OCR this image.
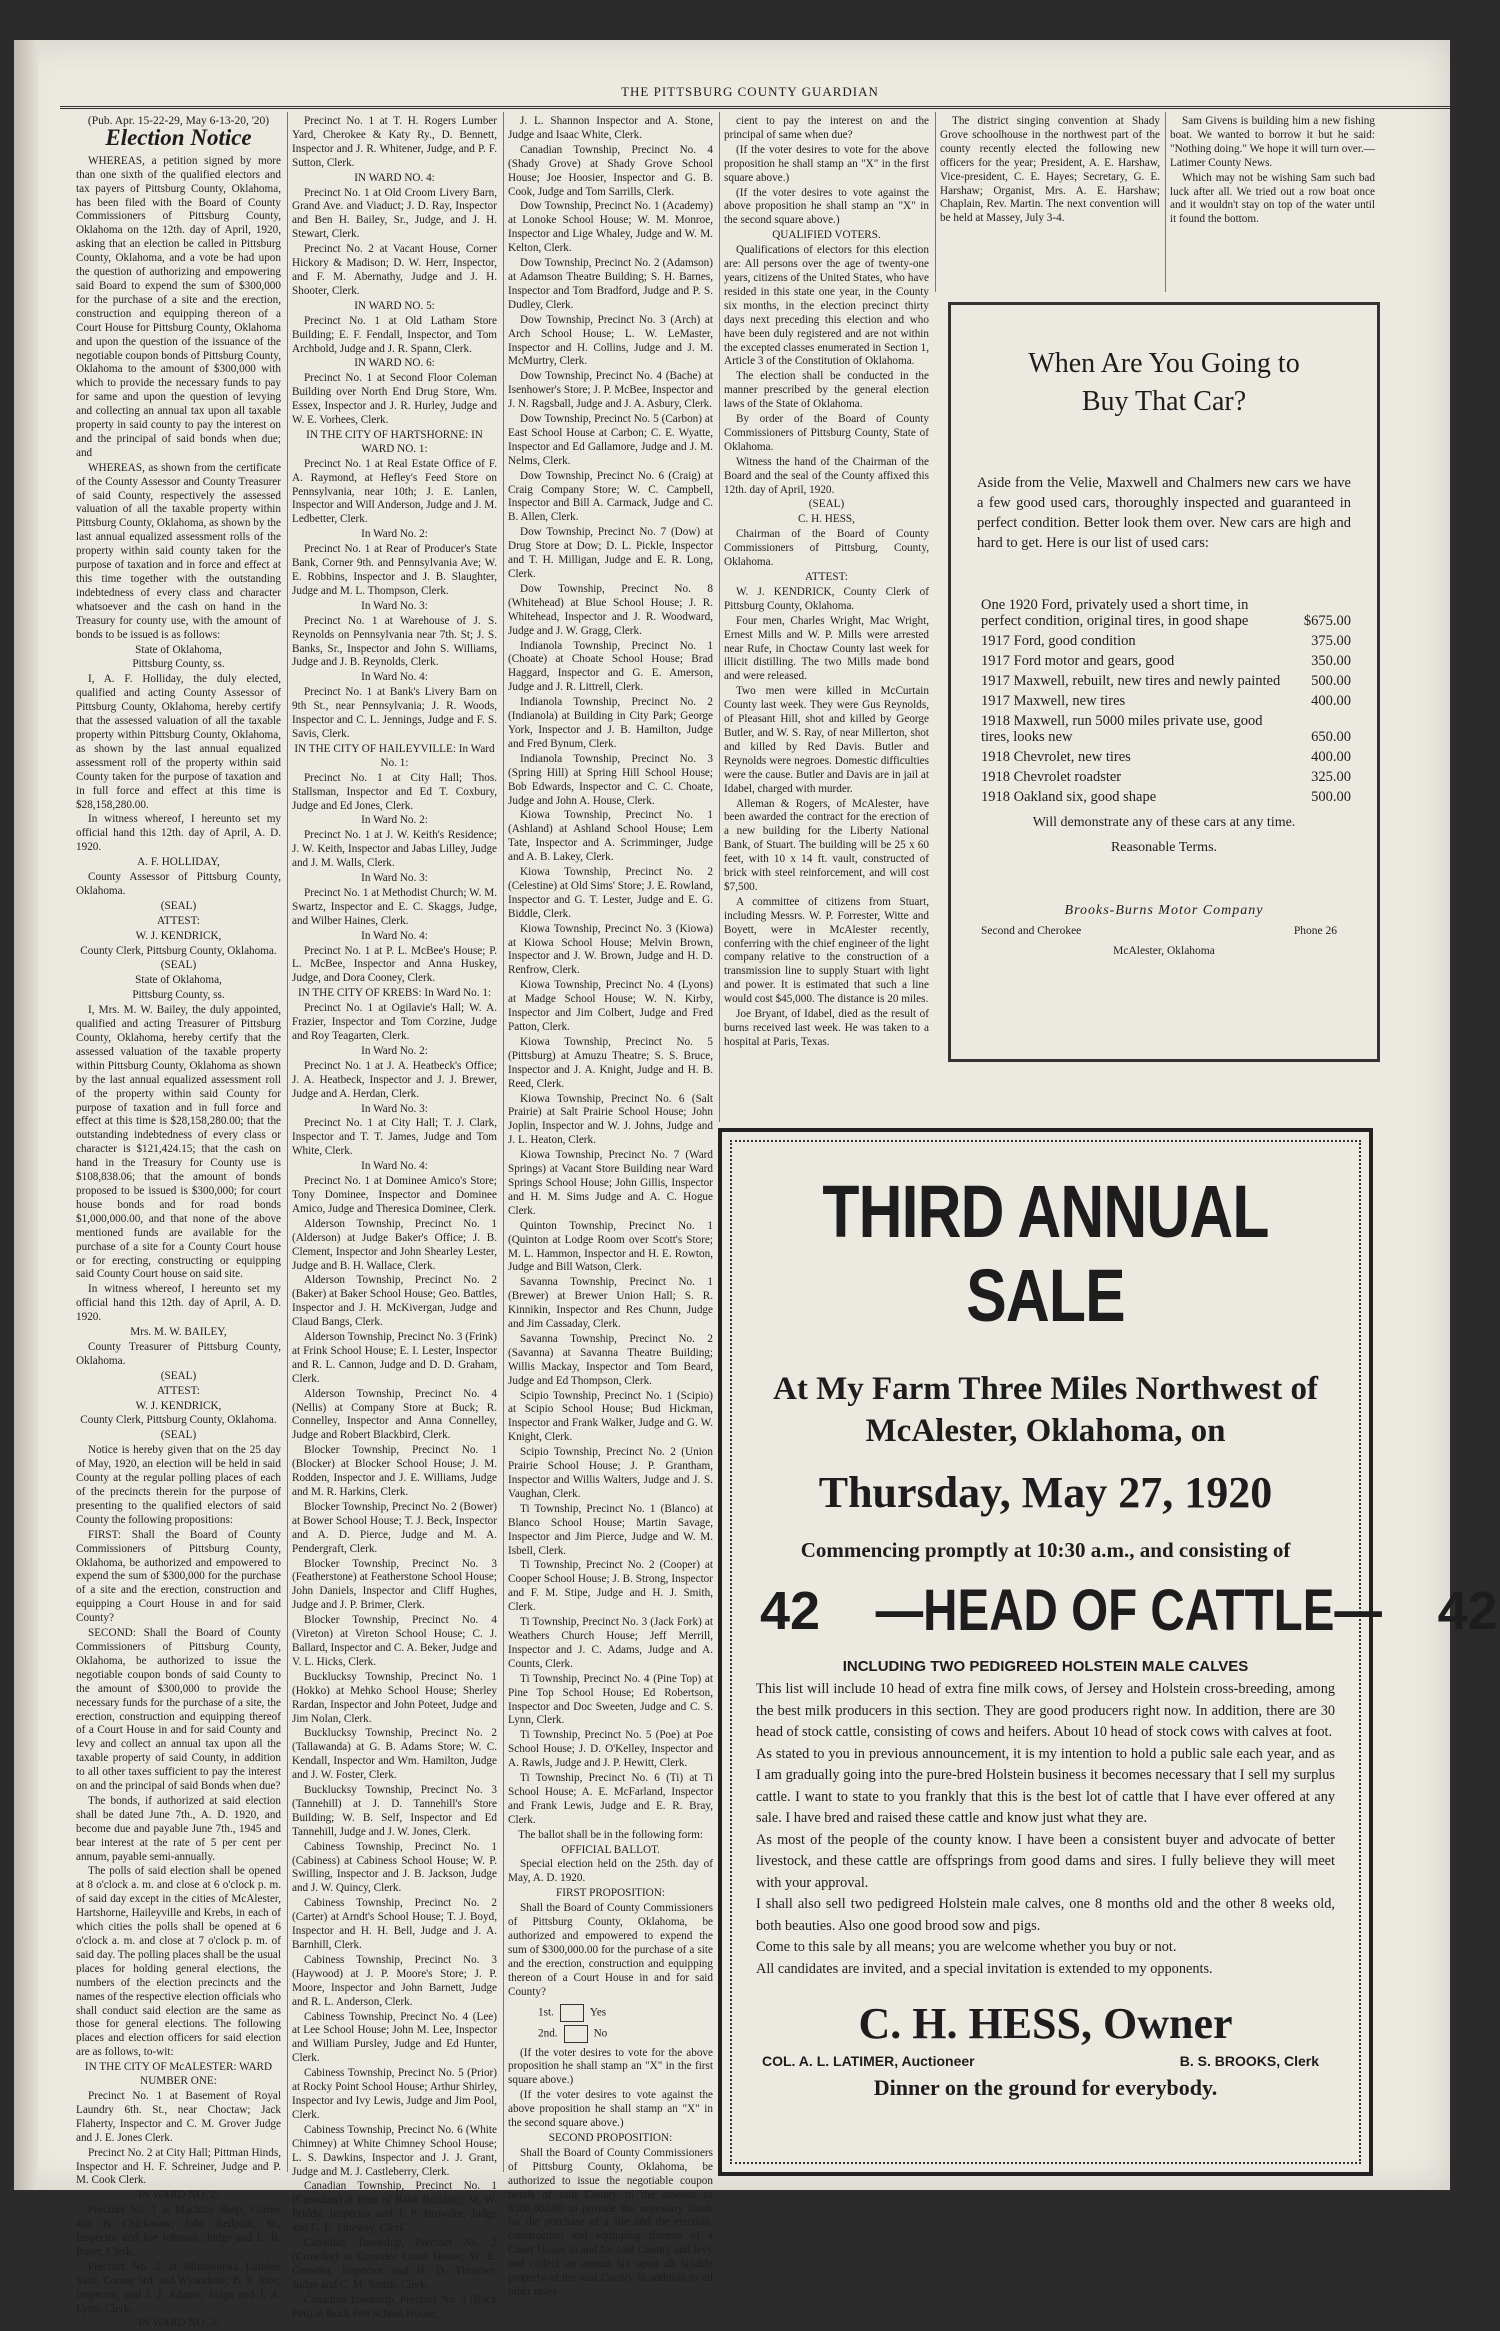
THE PITTSBURG COUNTY GUARDIAN
(Pub. Apr. 15-22-29, May 6-13-20, '20)
Election Notice

WHEREAS, a petition signed by more than one sixth of the qualified electors and tax payers of Pittsburg County, Oklahoma, has been filed with the Board of County Commissioners of Pittsburg County, Oklahoma on the 12th. day of April, 1920, asking that an election be called in Pittsburg County, Oklahoma, and a vote be had upon the question of authorizing and empowering said Board to expend the sum of $300,000 for the purchase of a site and the erection, construction and equipping thereon of a Court House for Pittsburg County, Oklahoma and upon the question of the issuance of the negotiable coupon bonds of Pittsburg County, Oklahoma to the amount of $300,000 with which to provide the necessary funds to pay for same and upon the question of levying and collecting an annual tax upon all taxable property in said county to pay the interest on and the principal of said bonds when due; and

WHEREAS, as shown from the certificate of the County Assessor and County Treasurer of said County, respectively the assessed valuation of all the taxable property within Pittsburg County, Oklahoma, as shown by the last annual equalized assessment rolls of the property within said county taken for the purpose of taxation and in force and effect at this time together with the outstanding indebtedness of every class and character whatsoever and the cash on hand in the Treasury for county use, with the amount of bonds to be issued is as follows:

State of Oklahoma,

Pittsburg County, ss.

I, A. F. Holliday, the duly elected, qualified and acting County Assessor of Pittsburg County, Oklahoma, hereby certify that the assessed valuation of all the taxable property within Pittsburg County, Oklahoma, as shown by the last annual equalized assessment roll of the property within said County taken for the purpose of taxation and in full force and effect at this time is $28,158,280.00.

In witness whereof, I hereunto set my official hand this 12th. day of April, A. D. 1920.

A. F. HOLLIDAY,

County Assessor of Pittsburg County, Oklahoma.

(SEAL)

ATTEST:

W. J. KENDRICK,

County Clerk, Pittsburg County, Oklahoma.

(SEAL)

State of Oklahoma,

Pittsburg County, ss.

I, Mrs. M. W. Bailey, the duly appointed, qualified and acting Treasurer of Pittsburg County, Oklahoma, hereby certify that the assessed valuation of the taxable property within Pittsburg County, Oklahoma as shown by the last annual equalized assessment roll of the property within said County for purpose of taxation and in full force and effect at this time is $28,158,280.00; that the outstanding indebtedness of every class or character is $121,424.15; that the cash on hand in the Treasury for County use is $108,838.06; that the amount of bonds proposed to be issued is $300,000; for court house bonds and for road bonds $1,000,000.00, and that none of the above mentioned funds are available for the purchase of a site for a County Court house or for erecting, constructing or equipping said County Court house on said site.

In witness whereof, I hereunto set my official hand this 12th. day of April, A. D. 1920.

Mrs. M. W. BAILEY,

County Treasurer of Pittsburg County, Oklahoma.

(SEAL)

ATTEST:

W. J. KENDRICK,

County Clerk, Pittsburg County, Oklahoma.

(SEAL)

Notice is hereby given that on the 25 day of May, 1920, an election will be held in said County at the regular polling places of each of the precincts therein for the purpose of presenting to the qualified electors of said County the following propositions:

FIRST: Shall the Board of County Commissioners of Pittsburg County, Oklahoma, be authorized and empowered to expend the sum of $300,000 for the purchase of a site and the erection, construction and equipping a Court House in and for said County?

SECOND: Shall the Board of County Commissioners of Pittsburg County, Oklahoma, be authorized to issue the negotiable coupon bonds of said County to the amount of $300,000 to provide the necessary funds for the purchase of a site, the erection, construction and equipping thereof of a Court House in and for said County and levy and collect an annual tax upon all the taxable property of said County, in addition to all other taxes sufficient to pay the interest on and the principal of said Bonds when due?

The bonds, if authorized at said election shall be dated June 7th., A. D. 1920, and become due and payable June 7th., 1945 and bear interest at the rate of 5 per cent per annum, payable semi-annually.

The polls of said election shall be opened at 8 o'clock a. m. and close at 6 o'clock p. m. of said day except in the cities of McAlester, Hartshorne, Haileyville and Krebs, in each of which cities the polls shall be opened at 6 o'clock a. m. and close at 7 o'clock p. m. of said day. The polling places shall be the usual places for holding general elections, the numbers of the election precincts and the names of the respective election officials who shall conduct said election are the same as those for general elections. The following places and election officers for said election are as follows, to-wit:

IN THE CITY OF McALESTER: WARD NUMBER ONE:

Precinct No. 1 at Basement of Royal Laundry 6th. St., near Choctaw; Jack Flaherty, Inspector and C. M. Grover Judge and J. E. Jones Clerk.

Precinct No. 2 at City Hall; Pittman Hinds, Inspector and H. F. Schreiner, Judge and P. M. Cook Clerk.

IN WARD NO. 2:

Precinct No. 1 at Machine Shop, Corner 4th. & Chickasaw; John Redpath, Sr., Inspector and Joe Johnson, Judge and L. R. Raser, Clerk.

Precinct No. 2 at Minnetonka Lumber Yard, Corner 3rd. and Wyandotte; B. F. Jobe, Inspector, and J. J. Adams, Judge and J. A. Lynn, Clerk.

IN WARD NO. 3:

Precinct No. 1 at T. H. Rogers Lumber Yard, Cherokee & Katy Ry., D. Bennett, Inspector and J. R. Whitener, Judge, and P. F. Sutton, Clerk.

IN WARD NO. 4:

Precinct No. 1 at Old Croom Livery Barn, Grand Ave. and Viaduct; J. D. Ray, Inspector and Ben H. Bailey, Sr., Judge, and J. H. Stewart, Clerk.

Precinct No. 2 at Vacant House, Corner Hickory & Madison; D. W. Herr, Inspector, and F. M. Abernathy, Judge and J. H. Shooter, Clerk.

IN WARD NO. 5:

Precinct No. 1 at Old Latham Store Building; E. F. Fendall, Inspector, and Tom Archbold, Judge and J. R. Spann, Clerk.

IN WARD NO. 6:

Precinct No. 1 at Second Floor Coleman Building over North End Drug Store, Wm. Essex, Inspector and J. R. Hurley, Judge and W. E. Vorhees, Clerk.

IN THE CITY OF HARTSHORNE: IN WARD NO. 1:

Precinct No. 1 at Real Estate Office of F. A. Raymond, at Hefley's Feed Store on Pennsylvania, near 10th; J. E. Lanlen, Inspector and Will Anderson, Judge and J. M. Ledbetter, Clerk.

In Ward No. 2:

Precinct No. 1 at Rear of Producer's State Bank, Corner 9th. and Pennsylvania Ave; W. E. Robbins, Inspector and J. B. Slaughter, Judge and M. L. Thompson, Clerk.

In Ward No. 3:

Precinct No. 1 at Warehouse of J. S. Reynolds on Pennsylvania near 7th. St; J. S. Banks, Sr., Inspector and John S. Williams, Judge and J. B. Reynolds, Clerk.

In Ward No. 4:

Precinct No. 1 at Bank's Livery Barn on 9th St., near Pennsylvania; J. R. Woods, Inspector and C. L. Jennings, Judge and F. S. Savis, Clerk.

IN THE CITY OF HAILEYVILLE: In Ward No. 1:

Precinct No. 1 at City Hall; Thos. Stallsman, Inspector and Ed T. Coxbury, Judge and Ed Jones, Clerk.

In Ward No. 2:

Precinct No. 1 at J. W. Keith's Residence; J. W. Keith, Inspector and Jabas Lilley, Judge and J. M. Walls, Clerk.

In Ward No. 3:

Precinct No. 1 at Methodist Church; W. M. Swartz, Inspector and E. C. Skaggs, Judge, and Wilber Haines, Clerk.

In Ward No. 4:

Precinct No. 1 at P. L. McBee's House; P. L. McBee, Inspector and Anna Huskey, Judge, and Dora Cooney, Clerk.

IN THE CITY OF KREBS: In Ward No. 1:

Precinct No. 1 at Ogilavie's Hall; W. A. Frazier, Inspector and Tom Corzine, Judge and Roy Teagarten, Clerk.

In Ward No. 2:

Precinct No. 1 at J. A. Heatbeck's Office; J. A. Heatbeck, Inspector and J. J. Brewer, Judge and A. Herdan, Clerk.

In Ward No. 3:

Precinct No. 1 at City Hall; T. J. Clark, Inspector and T. T. James, Judge and Tom White, Clerk.

In Ward No. 4:

Precinct No. 1 at Dominee Amico's Store; Tony Dominee, Inspector and Dominee Amico, Judge and Theresica Dominee, Clerk.

Alderson Township, Precinct No. 1 (Alderson) at Judge Baker's Office; J. B. Clement, Inspector and John Shearley Lester, Judge and B. H. Wallace, Clerk.

Alderson Township, Precinct No. 2 (Baker) at Baker School House; Geo. Battles, Inspector and J. H. McKivergan, Judge and Claud Bangs, Clerk.

Alderson Township, Precinct No. 3 (Frink) at Frink School House; E. I. Lester, Inspector and R. L. Cannon, Judge and D. D. Graham, Clerk.

Alderson Township, Precinct No. 4 (Nellis) at Company Store at Buck; R. Connelley, Inspector and Anna Connelley, Judge and Robert Blackbird, Clerk.

Blocker Township, Precinct No. 1 (Blocker) at Blocker School House; J. M. Rodden, Inspector and J. E. Williams, Judge and M. R. Harkins, Clerk.

Blocker Township, Precinct No. 2 (Bower) at Bower School House; T. J. Beck, Inspector and A. D. Pierce, Judge and M. A. Pendergraft, Clerk.

Blocker Township, Precinct No. 3 (Featherstone) at Featherstone School House; John Daniels, Inspector and Cliff Hughes, Judge and J. P. Brimer, Clerk.

Blocker Township, Precinct No. 4 (Vireton) at Vireton School House; C. J. Ballard, Inspector and C. A. Beker, Judge and V. L. Hicks, Clerk.

Bucklucksy Township, Precinct No. 1 (Hokko) at Mehko School House; Sherley Rardan, Inspector and John Poteet, Judge and Jim Nolan, Clerk.

Bucklucksy Township, Precinct No. 2 (Tallawanda) at G. B. Adams Store; W. C. Kendall, Inspector and Wm. Hamilton, Judge and J. W. Foster, Clerk.

Bucklucksy Township, Precinct No. 3 (Tannehill) at J. D. Tannehill's Store Building; W. B. Self, Inspector and Ed Tannehill, Judge and J. W. Jones, Clerk.

Cabiness Township, Precinct No. 1 (Cabiness) at Cabiness School House; W. P. Swilling, Inspector and J. B. Jackson, Judge and J. W. Quincy, Clerk.

Cabiness Township, Precinct No. 2 (Carter) at Arndt's School House; T. J. Boyd, Inspector and H. H. Bell, Judge and J. A. Barnhill, Clerk.

Cabiness Township, Precinct No. 3 (Haywood) at J. P. Moore's Store; J. P. Moore, Inspector and John Barnett, Judge and R. L. Anderson, Clerk.

Cabiness Township, Precinct No. 4 (Lee) at Lee School House; John M. Lee, Inspector and William Pursley, Judge and Ed Hunter, Clerk.

Cabiness Township, Precinct No. 5 (Prior) at Rocky Point School House; Arthur Shirley, Inspector and Ivy Lewis, Judge and Jim Pool, Clerk.

Cabiness Township, Precinct No. 6 (White Chimney) at White Chimney School House; L. S. Dawkins, Inspector and J. J. Grant, Judge and M. J. Castleberry, Clerk.

Canadian Township, Precinct No. 1 (Canadian) at Rear of Bank Building; M. W. Priddy, Inspector and J. P. Browder, Judge and C. E. Janeway, Clerk.

Canadian Township, Precinct No. 2 (Crowder) at Crowder Court House; W. E. Crowder, Inspector and H. D. Thrasher, Judge and C. M. Smith, Clerk.

Canadian Township, Precinct No. 3 (Rock Pen) at Rock Pen School House;

J. L. Shannon Inspector and A. Stone, Judge and Isaac White, Clerk.

Canadian Township, Precinct No. 4 (Shady Grove) at Shady Grove School House; Joe Hoosier, Inspector and G. B. Cook, Judge and Tom Sarrills, Clerk.

Dow Township, Precinct No. 1 (Academy) at Lonoke School House; W. M. Monroe, Inspector and Lige Whaley, Judge and W. M. Kelton, Clerk.

Dow Township, Precinct No. 2 (Adamson) at Adamson Theatre Building; S. H. Barnes, Inspector and Tom Bradford, Judge and P. S. Dudley, Clerk.

Dow Township, Precinct No. 3 (Arch) at Arch School House; L. W. LeMaster, Inspector and H. Collins, Judge and J. M. McMurtry, Clerk.

Dow Township, Precinct No. 4 (Bache) at Isenhower's Store; J. P. McBee, Inspector and J. N. Ragsball, Judge and J. A. Asbury, Clerk.

Dow Township, Precinct No. 5 (Carbon) at East School House at Carbon; C. E. Wyatte, Inspector and Ed Gallamore, Judge and J. M. Nelms, Clerk.

Dow Township, Precinct No. 6 (Craig) at Craig Company Store; W. C. Campbell, Inspector and Bill A. Carmack, Judge and C. B. Allen, Clerk.

Dow Township, Precinct No. 7 (Dow) at Drug Store at Dow; D. L. Pickle, Inspector and T. H. Milligan, Judge and E. R. Long, Clerk.

Dow Township, Precinct No. 8 (Whitehead) at Blue School House; J. R. Whitehead, Inspector and J. R. Woodward, Judge and J. W. Gragg, Clerk.

Indianola Township, Precinct No. 1 (Choate) at Choate School House; Brad Haggard, Inspector and G. E. Amerson, Judge and J. R. Littrell, Clerk.

Indianola Township, Precinct No. 2 (Indianola) at Building in City Park; George York, Inspector and J. B. Hamilton, Judge and Fred Bynum, Clerk.

Indianola Township, Precinct No. 3 (Spring Hill) at Spring Hill School House; Bob Edwards, Inspector and C. C. Choate, Judge and John A. House, Clerk.

Kiowa Township, Precinct No. 1 (Ashland) at Ashland School House; Lem Tate, Inspector and A. Scrimminger, Judge and A. B. Lakey, Clerk.

Kiowa Township, Precinct No. 2 (Celestine) at Old Sims' Store; J. E. Rowland, Inspector and G. T. Lester, Judge and E. G. Biddle, Clerk.

Kiowa Township, Precinct No. 3 (Kiowa) at Kiowa School House; Melvin Brown, Inspector and J. W. Brown, Judge and H. D. Renfrow, Clerk.

Kiowa Township, Precinct No. 4 (Lyons) at Madge School House; W. N. Kirby, Inspector and Jim Colbert, Judge and Fred Patton, Clerk.

Kiowa Township, Precinct No. 5 (Pittsburg) at Amuzu Theatre; S. S. Bruce, Inspector and J. A. Knight, Judge and H. B. Reed, Clerk.

Kiowa Township, Precinct No. 6 (Salt Prairie) at Salt Prairie School House; John Joplin, Inspector and W. J. Johns, Judge and J. L. Heaton, Clerk.

Kiowa Township, Precinct No. 7 (Ward Springs) at Vacant Store Building near Ward Springs School House; John Gillis, Inspector and H. M. Sims Judge and A. C. Hogue Clerk.

Quinton Township, Precinct No. 1 (Quinton at Lodge Room over Scott's Store; M. L. Hammon, Inspector and H. E. Rowton, Judge and Bill Watson, Clerk.

Savanna Township, Precinct No. 1 (Brewer) at Brewer Union Hall; S. R. Kinnikin, Inspector and Res Chunn, Judge and Jim Cassaday, Clerk.

Savanna Township, Precinct No. 2 (Savanna) at Savanna Theatre Building; Willis Mackay, Inspector and Tom Beard, Judge and Ed Thompson, Clerk.

Scipio Township, Precinct No. 1 (Scipio) at Scipio School House; Bud Hickman, Inspector and Frank Walker, Judge and G. W. Knight, Clerk.

Scipio Township, Precinct No. 2 (Union Prairie School House; J. P. Grantham, Inspector and Willis Walters, Judge and J. S. Vaughan, Clerk.

Ti Township, Precinct No. 1 (Blanco) at Blanco School House; Martin Savage, Inspector and Jim Pierce, Judge and W. M. Isbell, Clerk.

Ti Township, Precinct No. 2 (Cooper) at Cooper School House; J. B. Strong, Inspector and F. M. Stipe, Judge and H. J. Smith, Clerk.

Ti Township, Precinct No. 3 (Jack Fork) at Weathers Church House; Jeff Merrill, Inspector and J. C. Adams, Judge and A. Counts, Clerk.

Ti Township, Precinct No. 4 (Pine Top) at Pine Top School House; Ed Robertson, Inspector and Doc Sweeten, Judge and C. S. Lynn, Clerk.

Ti Township, Precinct No. 5 (Poe) at Poe School House; J. D. O'Kelley, Inspector and A. Rawls, Judge and J. P. Hewitt, Clerk.

Ti Township, Precinct No. 6 (Ti) at Ti School House; A. E. McFarland, Inspector and Frank Lewis, Judge and E. R. Bray, Clerk.

The ballot shall be in the following form:

OFFICIAL BALLOT.

Special election held on the 25th. day of May, A. D. 1920.

FIRST PROPOSITION:

Shall the Board of County Commissioners of Pittsburg County, Oklahoma, be authorized and empowered to expend the sum of $300,000.00 for the purchase of a site and the erection, construction and equipping thereon of a Court House in and for said County?

1st.	Yes
2nd.	No

(If the voter desires to vote for the above proposition he shall stamp an "X" in the first square above.)

(If the voter desires to vote against the above proposition he shall stamp an "X" in the second square above.)

SECOND PROPOSITION:

Shall the Board of County Commissioners of Pittsburg County, Oklahoma, be authorized to issue the negotiable coupon bonds of said County to the amount of $300,000.00 to provide the necessary funds for the purchase of a site and the erection, construction and equipping thereon of a Court House in and for said County and levy and collect an annual tax upon all taxable property of the said County in addition to all other taxes

cient to pay the interest on and the principal of same when due?

(If the voter desires to vote for the above proposition he shall stamp an "X" in the first square above.)

(If the voter desires to vote against the above proposition he shall stamp an "X" in the second square above.)

QUALIFIED VOTERS.

Qualifications of electors for this election are: All persons over the age of twenty-one years, citizens of the United States, who have resided in this state one year, in the County six months, in the election precinct thirty days next preceding this election and who have been duly registered and are not within the excepted classes enumerated in Section 1, Article 3 of the Constitution of Oklahoma.

The election shall be conducted in the manner prescribed by the general election laws of the State of Oklahoma.

By order of the Board of County Commissioners of Pittsburg County, State of Oklahoma.

Witness the hand of the Chairman of the Board and the seal of the County affixed this 12th. day of April, 1920.

(SEAL)

C. H. HESS,

Chairman of the Board of County Commissioners of Pittsburg, County, Oklahoma.

ATTEST:

W. J. KENDRICK, County Clerk of Pittsburg County, Oklahoma.

Four men, Charles Wright, Mac Wright, Ernest Mills and W. P. Mills were arrested near Rufe, in Choctaw County last week for illicit distilling. The two Mills made bond and were released.

Two men were killed in McCurtain County last week. They were Gus Reynolds, of Pleasant Hill, shot and killed by George Butler, and W. S. Ray, of near Millerton, shot and killed by Red Davis. Butler and Reynolds were negroes. Domestic difficulties were the cause. Butler and Davis are in jail at Idabel, charged with murder.

Alleman & Rogers, of McAlester, have been awarded the contract for the erection of a new building for the Liberty National Bank, of Stuart. The building will be 25 x 60 feet, with 10 x 14 ft. vault, constructed of brick with steel reinforcement, and will cost $7,500.

A committee of citizens from Stuart, including Messrs. W. P. Forrester, Witte and Boyett, were in McAlester recently, conferring with the chief engineer of the light company relative to the construction of a transmission line to supply Stuart with light and power. It is estimated that such a line would cost $45,000. The distance is 20 miles.

Joe Bryant, of Idabel, died as the result of burns received last week. He was taken to a hospital at Paris, Texas.

The district singing convention at Shady Grove schoolhouse in the northwest part of the county recently elected the following new officers for the year; President, A. E. Harshaw, Vice-president, C. E. Hayes; Secretary, G. E. Harshaw; Organist, Mrs. A. E. Harshaw; Chaplain, Rev. Martin. The next convention will be held at Massey, July 3-4.

Sam Givens is building him a new fishing boat. We wanted to borrow it but he said: "Nothing doing." We hope it will turn over.—Latimer County News.

Which may not be wishing Sam such bad luck after all. We tried out a row boat once and it wouldn't stay on top of the water until it found the bottom.

When Are You Going to
Buy That Car?
Aside from the Velie, Maxwell and Chalmers new cars we have a few good used cars, thoroughly inspected and guaranteed in perfect condition. Better look them over. New cars are high and hard to get. Here is our list of used cars:
One 1920 Ford, privately used a short time, in perfect condition, original tires, in good shape	$675.00
1917 Ford, good condition	375.00
1917 Ford motor and gears, good	350.00
1917 Maxwell, rebuilt, new tires and newly painted	500.00
1917 Maxwell, new tires	400.00
1918 Maxwell, run 5000 miles private use, good tires, looks new	650.00
1918 Chevrolet, new tires	400.00
1918 Chevrolet roadster	325.00
1918 Oakland six, good shape	500.00
Will demonstrate any of these cars at any time.
Reasonable Terms.
Brooks-Burns Motor Company
Second and Cherokee	Phone 26
McAlester, Oklahoma
THIRD ANNUAL SALE
At My Farm Three Miles Northwest of
McAlester, Oklahoma, on
Thursday, May 27, 1920
Commencing promptly at 10:30 a.m., and consisting of
42 —HEAD OF CATTLE— 42
INCLUDING TWO PEDIGREED HOLSTEIN MALE CALVES

This list will include 10 head of extra fine milk cows, of Jersey and Holstein cross-breeding, among the best milk producers in this section. They are good producers right now. In addition, there are 30 head of stock cattle, consisting of cows and heifers. About 10 head of stock cows with calves at foot.

As stated to you in previous announcement, it is my intention to hold a public sale each year, and as I am gradually going into the pure-bred Holstein business it becomes necessary that I sell my surplus cattle. I want to state to you frankly that this is the best lot of cattle that I have ever offered at any sale. I have bred and raised these cattle and know just what they are.

As most of the people of the county know. I have been a consistent buyer and advocate of better livestock, and these cattle are offsprings from good dams and sires. I fully believe they will meet with your approval.

I shall also sell two pedigreed Holstein male calves, one 8 months old and the other 8 weeks old, both beauties. Also one good brood sow and pigs.

Come to this sale by all means; you are welcome whether you buy or not.

All candidates are invited, and a special invitation is extended to my opponents.

C. H. HESS, Owner
COL. A. L. LATIMER, Auctioneer	B. S. BROOKS, Clerk
Dinner on the ground for everybody.
